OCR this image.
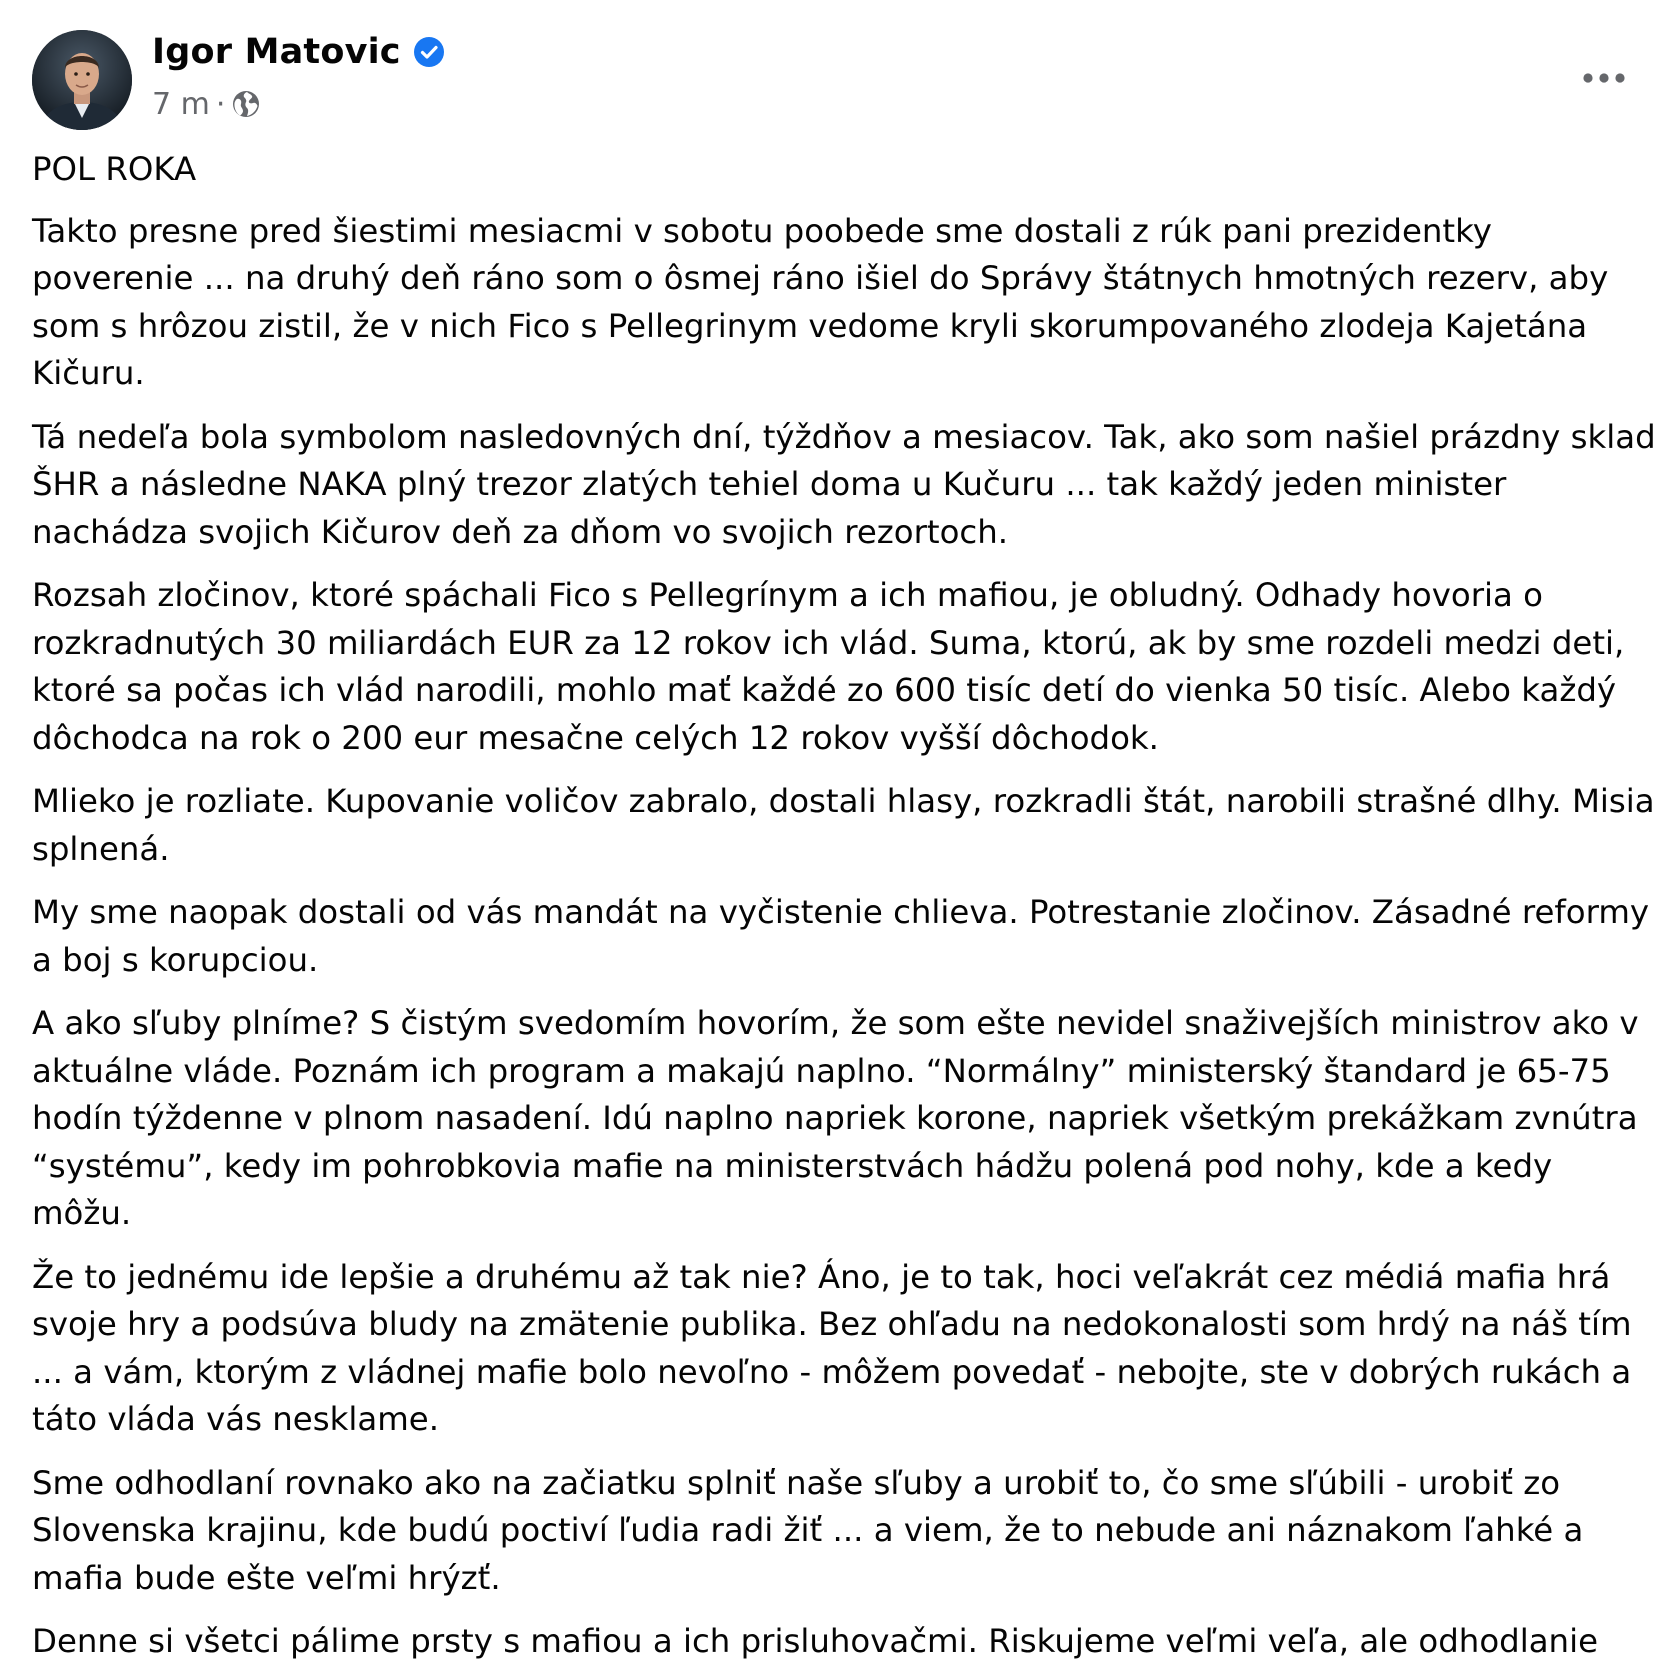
Igor Matovic
7 m ·

POL ROKA

Takto presne pred šiestimi mesiacmi v sobotu poobede sme dostali z rúk pani prezidentky poverenie ... na druhý deň ráno som o ôsmej ráno išiel do Správy štátnych hmotných rezerv, aby som s hrôzou zistil, že v nich Fico s Pellegrinym vedome kryli skorumpovaného zlodeja Kajetána Kičuru.

Tá nedeľa bola symbolom nasledovných dní, týždňov a mesiacov. Tak, ako som našiel prázdny sklad ŠHR a následne NAKA plný trezor zlatých tehiel doma u Kučuru ... tak každý jeden minister nachádza svojich Kičurov deň za dňom vo svojich rezortoch.

Rozsah zločinov, ktoré spáchali Fico s Pellegrínym a ich mafiou, je obludný. Odhady hovoria o rozkradnutých 30 miliardách EUR za 12 rokov ich vlád. Suma, ktorú, ak by sme rozdeli medzi deti, ktoré sa počas ich vlád narodili, mohlo mať každé zo 600 tisíc detí do vienka 50 tisíc. Alebo každý dôchodca na rok o 200 eur mesačne celých 12 rokov vyšší dôchodok.

Mlieko je rozliate. Kupovanie voličov zabralo, dostali hlasy, rozkradli štát, narobili strašné dlhy. Misia splnená.

My sme naopak dostali od vás mandát na vyčistenie chlieva. Potrestanie zločinov. Zásadné reformy a boj s korupciou.

A ako sľuby plníme? S čistým svedomím hovorím, že som ešte nevidel snaživejších ministrov ako v aktuálne vláde. Poznám ich program a makajú naplno. “Normálny” ministerský štandard je 65-75 hodín týždenne v plnom nasadení. Idú naplno napriek korone, napriek všetkým prekážkam zvnútra “systému”, kedy im pohrobkovia mafie na ministerstvách hádžu polená pod nohy, kde a kedy môžu.

Že to jednému ide lepšie a druhému až tak nie? Áno, je to tak, hoci veľakrát cez médiá mafia hrá svoje hry a podsúva bludy na zmätenie publika. Bez ohľadu na nedokonalosti som hrdý na náš tím ... a vám, ktorým z vládnej mafie bolo nevoľno - môžem povedať - nebojte, ste v dobrých rukách a táto vláda vás nesklame.

Sme odhodlaní rovnako ako na začiatku splniť naše sľuby a urobiť to, čo sme sľúbili - urobiť zo Slovenska krajinu, kde budú poctiví ľudia radi žiť ... a viem, že to nebude ani náznakom ľahké a mafia bude ešte veľmi hrýzť.

Denne si všetci pálime prsty s mafiou a ich prisluhovačmi. Riskujeme veľmi veľa, ale odhodlanie
